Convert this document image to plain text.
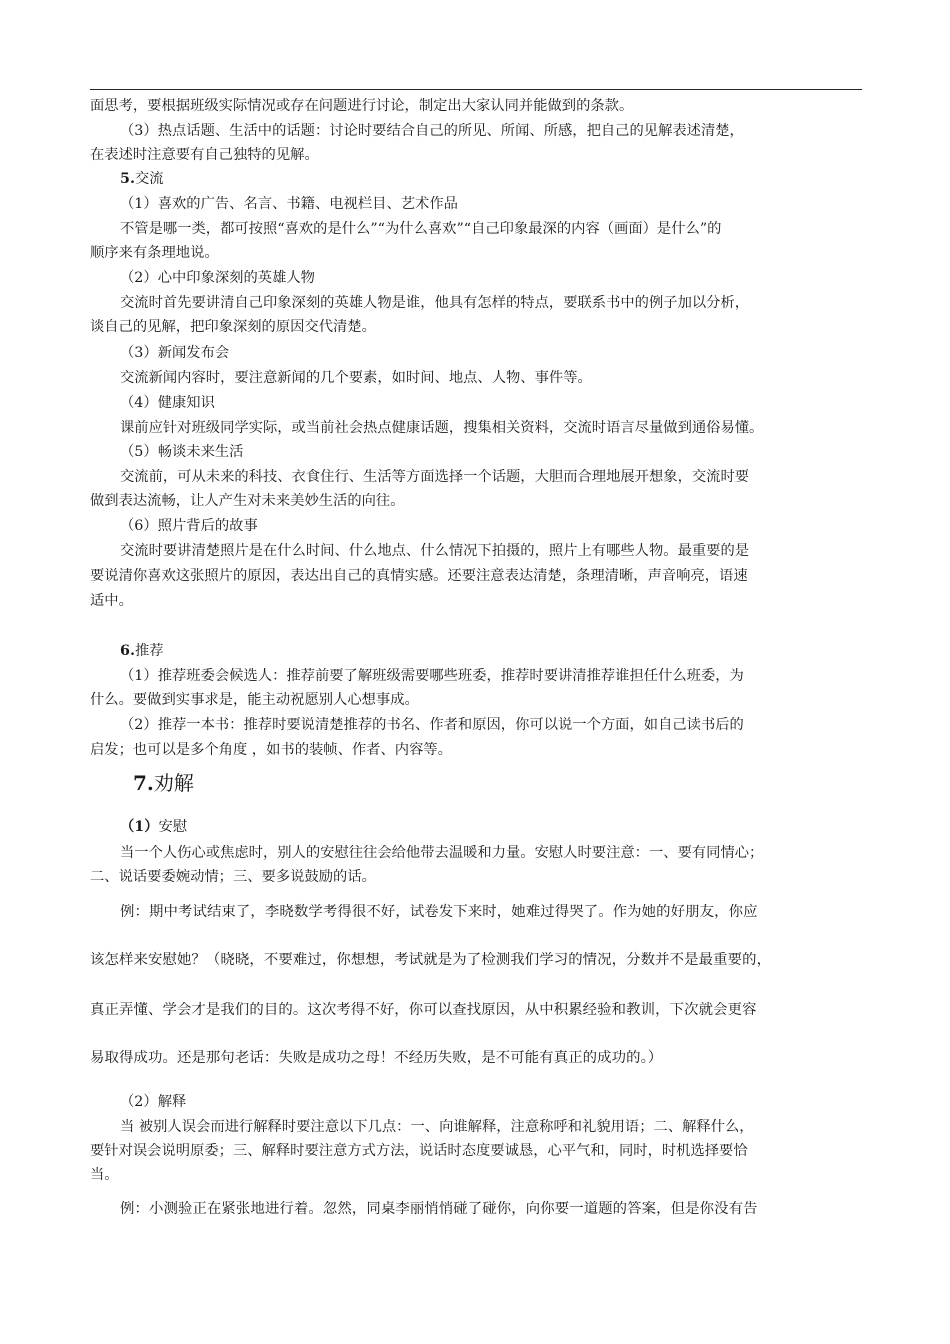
面思考，要根据班级实际情况或存在问题进行讨论，制定出大家认同并能做到的条款。
（3）热点话题、生活中的话题：讨论时要结合自己的所见、所闻、所感，把自己的见解表述清楚，
在表述时注意要有自己独特的见解。
5.交流
（1）喜欢的广告、名言、书籍、电视栏目、艺术作品
不管是哪一类，都可按照“喜欢的是什么”“为什么喜欢”“自己印象最深的内容（画面）是什么”的
顺序来有条理地说。
（2）心中印象深刻的英雄人物
交流时首先要讲清自己印象深刻的英雄人物是谁，他具有怎样的特点，要联系书中的例子加以分析，
谈自己的见解，把印象深刻的原因交代清楚。
（3）新闻发布会
交流新闻内容时，要注意新闻的几个要素，如时间、地点、人物、事件等。
（4）健康知识
课前应针对班级同学实际，或当前社会热点健康话题，搜集相关资料，交流时语言尽量做到通俗易懂。
（5）畅谈未来生活
交流前，可从未来的科技、衣食住行、生活等方面选择一个话题，大胆而合理地展开想象，交流时要
做到表达流畅，让人产生对未来美妙生活的向往。
（6）照片背后的故事
交流时要讲清楚照片是在什么时间、什么地点、什么情况下拍摄的，照片上有哪些人物。最重要的是
要说清你喜欢这张照片的原因，表达出自己的真情实感。还要注意表达清楚，条理清晰，声音响亮，语速
适中。
6.推荐
（1）推荐班委会候选人：推荐前要了解班级需要哪些班委，推荐时要讲清推荐谁担任什么班委，为
什么。要做到实事求是，能主动祝愿别人心想事成。
（2）推荐一本书：推荐时要说清楚推荐的书名、作者和原因，你可以说一个方面，如自己读书后的
启发；也可以是多个角度 ，如书的装帧、作者、内容等。
7.劝解
（1）安慰
当一个人伤心或焦虑时，别人的安慰往往会给他带去温暖和力量。安慰人时要注意：一、要有同情心；
二、说话要委婉动情；三、要多说鼓励的话。
例：期中考试结束了，李晓数学考得很不好，试卷发下来时，她难过得哭了。作为她的好朋友，你应
该怎样来安慰她？（晓晓，不要难过，你想想，考试就是为了检测我们学习的情况，分数并不是最重要的，
真正弄懂、学会才是我们的目的。这次考得不好，你可以查找原因，从中积累经验和教训，下次就会更容
易取得成功。还是那句老话：失败是成功之母！不经历失败，是不可能有真正的成功的。）
（2）解释
当 被别人误会而进行解释时要注意以下几点：一、向谁解释，注意称呼和礼貌用语；二、解释什么，
要针对误会说明原委；三、解释时要注意方式方法，说话时态度要诚恳，心平气和，同时，时机选择要恰
当。
例：小测验正在紧张地进行着。忽然，同桌李丽悄悄碰了碰你，向你要一道题的答案，但是你没有告
